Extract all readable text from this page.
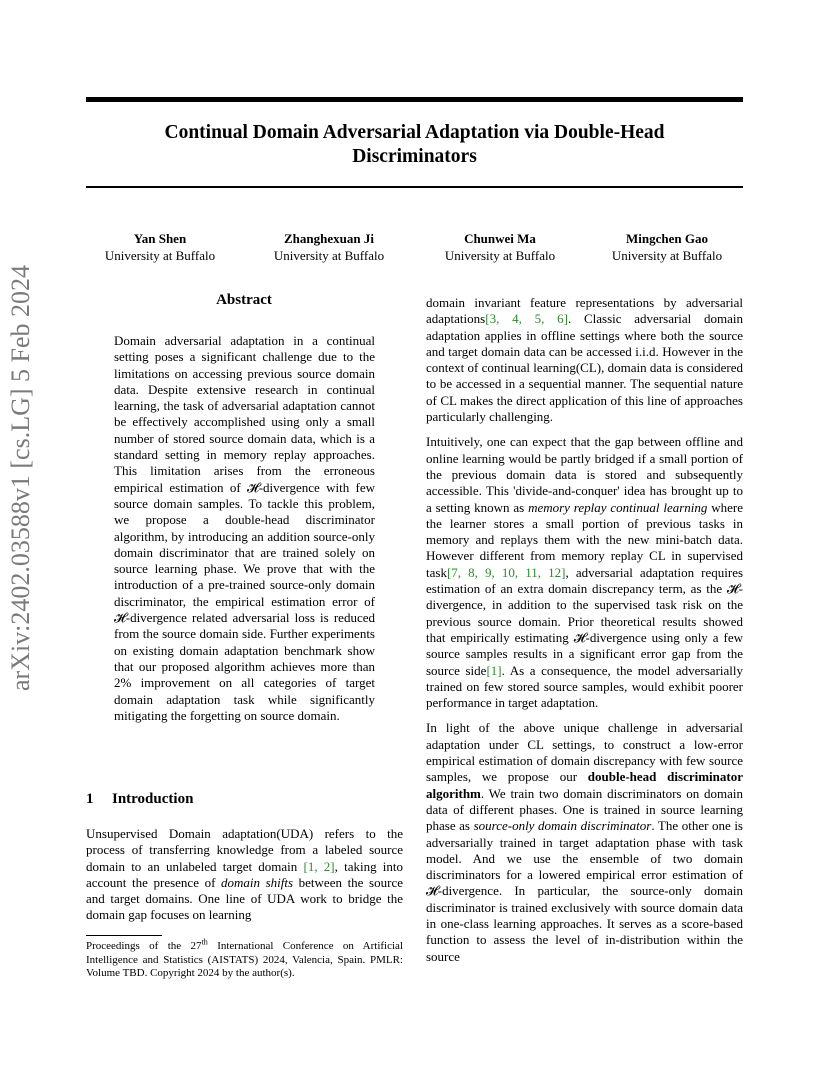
Continual Domain Adversarial Adaptation via Double-Head
Discriminators
Yan Shen
University at Buffalo
Zhanghexuan Ji
University at Buffalo
Chunwei Ma
University at Buffalo
Mingchen Gao
University at Buffalo
arXiv:2402.03588v1 [cs.LG] 5 Feb 2024	Abstract
Domain adversarial adaptation in a continual setting poses a significant challenge due to the limitations on accessing previous source domain data. Despite extensive research in continual learning, the task of adversarial adaptation cannot be effectively accomplished using only a small number of stored source domain data, which is a standard setting in memory replay approaches. This limitation arises from the erroneous empirical estimation of 𝓗-divergence with few source domain samples. To tackle this problem, we propose a double-head discriminator algorithm, by introducing an addition source-only domain discriminator that are trained solely on source learning phase. We prove that with the introduction of a pre-trained source-only domain discriminator, the empirical estimation error of 𝓗-divergence related adversarial loss is reduced from the source domain side. Further experiments on existing domain adaptation benchmark show that our proposed algorithm achieves more than 2% improvement on all categories of target domain adaptation task while significantly mitigating the forgetting on source domain.
1 Introduction
Unsupervised Domain adaptation(UDA) refers to the process of transferring knowledge from a labeled source domain to an unlabeled target domain [1, 2], taking into account the presence of domain shifts between the source and target domains. One line of UDA work to bridge the domain gap focuses on learning
Proceedings of the 27th International Conference on Artificial Intelligence and Statistics (AISTATS) 2024, Valencia, Spain. PMLR: Volume TBD. Copyright 2024 by the author(s).

domain invariant feature representations by adversarial adaptations[3, 4, 5, 6]. Classic adversarial domain adaptation applies in offline settings where both the source and target domain data can be accessed i.i.d. However in the context of continual learning(CL), domain data is considered to be accessed in a sequential manner. The sequential nature of CL makes the direct application of this line of approaches particularly challenging.

Intuitively, one can expect that the gap between offline and online learning would be partly bridged if a small portion of the previous domain data is stored and subsequently accessible. This 'divide-and-conquer' idea has brought up to a setting known as memory replay continual learning where the learner stores a small portion of previous tasks in memory and replays them with the new mini-batch data. However different from memory replay CL in supervised task[7, 8, 9, 10, 11, 12], adversarial adaptation requires estimation of an extra domain discrepancy term, as the 𝓗-divergence, in addition to the supervised task risk on the previous source domain. Prior theoretical results showed that empirically estimating 𝓗-divergence using only a few source samples results in a significant error gap from the source side[1]. As a consequence, the model adversarially trained on few stored source samples, would exhibit poorer performance in target adaptation.

In light of the above unique challenge in adversarial adaptation under CL settings, to construct a low-error empirical estimation of domain discrepancy with few source samples, we propose our double-head discriminator algorithm. We train two domain discriminators on domain data of different phases. One is trained in source learning phase as source-only domain discriminator. The other one is adversarially trained in target adaptation phase with task model. And we use the ensemble of two domain discriminators for a lowered empirical error estimation of 𝓗-divergence. In particular, the source-only domain discriminator is trained exclusively with source domain data in one-class learning approaches. It serves as a score-based function to assess the level of in-distribution within the source
